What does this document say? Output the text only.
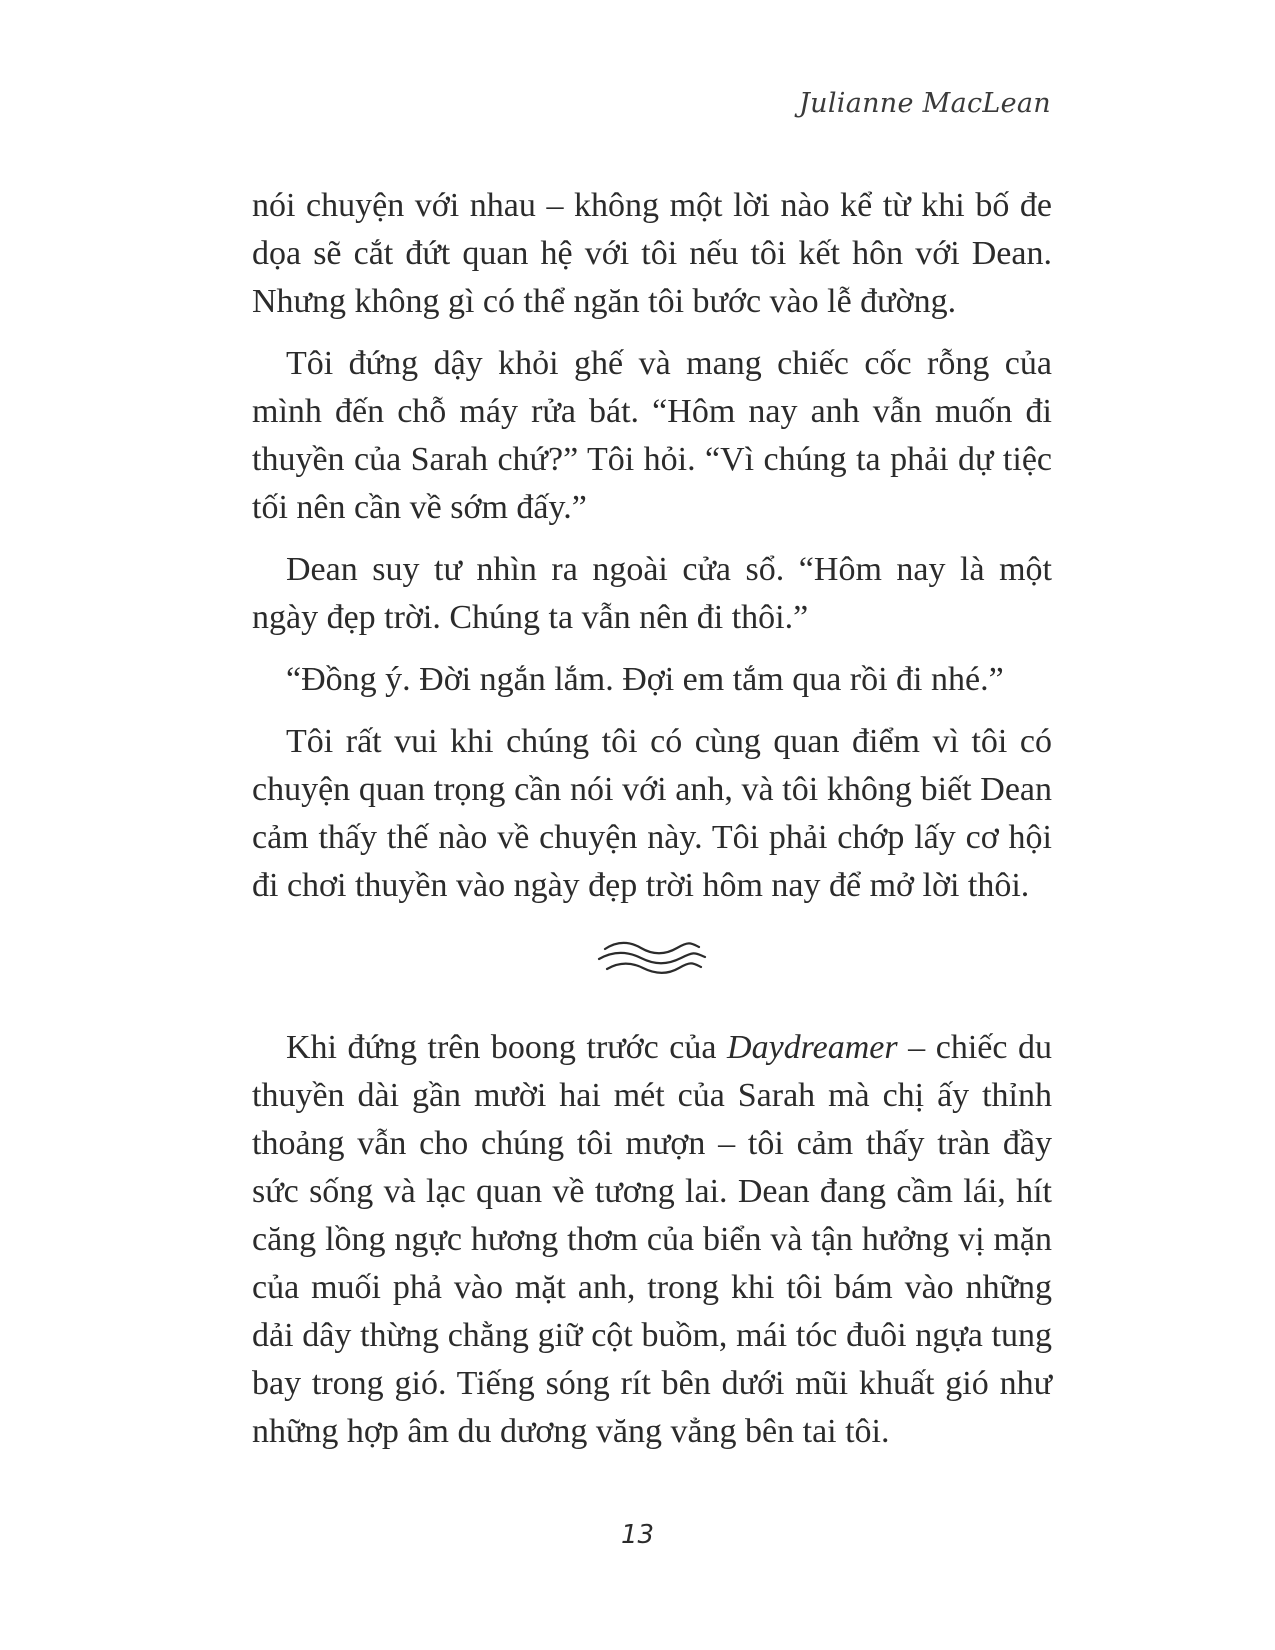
Julianne MacLean

nói chuyện với nhau – không một lời nào kể từ khi bố đe dọa sẽ cắt đứt quan hệ với tôi nếu tôi kết hôn với Dean. Nhưng không gì có thể ngăn tôi bước vào lễ đường.

Tôi đứng dậy khỏi ghế và mang chiếc cốc rỗng của mình đến chỗ máy rửa bát. “Hôm nay anh vẫn muốn đi thuyền của Sarah chứ?” Tôi hỏi. “Vì chúng ta phải dự tiệc tối nên cần về sớm đấy.”

Dean suy tư nhìn ra ngoài cửa sổ. “Hôm nay là một ngày đẹp trời. Chúng ta vẫn nên đi thôi.”

“Đồng ý. Đời ngắn lắm. Đợi em tắm qua rồi đi nhé.”

Tôi rất vui khi chúng tôi có cùng quan điểm vì tôi có chuyện quan trọng cần nói với anh, và tôi không biết Dean cảm thấy thế nào về chuyện này. Tôi phải chớp lấy cơ hội đi chơi thuyền vào ngày đẹp trời hôm nay để mở lời thôi.

Khi đứng trên boong trước của Daydreamer – chiếc du thuyền dài gần mười hai mét của Sarah mà chị ấy thỉnh thoảng vẫn cho chúng tôi mượn – tôi cảm thấy tràn đầy sức sống và lạc quan về tương lai. Dean đang cầm lái, hít căng lồng ngực hương thơm của biển và tận hưởng vị mặn của muối phả vào mặt anh, trong khi tôi bám vào những dải dây thừng chằng giữ cột buồm, mái tóc đuôi ngựa tung bay trong gió. Tiếng sóng rít bên dưới mũi khuất gió như những hợp âm du dương văng vẳng bên tai tôi.

13
